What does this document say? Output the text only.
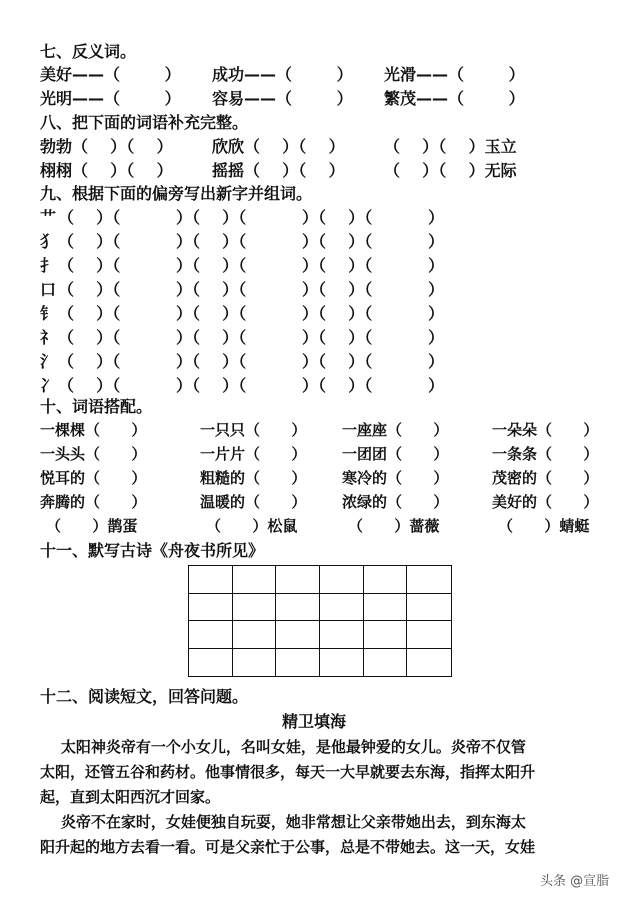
七、反义词。
美好——（        ） 成功——（        ） 光滑——（        ）
光明——（        ） 容易——（        ） 繁茂——（        ）
八、把下面的词语补充完整。
勃勃（    ）（    ） 欣欣（    ）（    ） （    ）（    ）玉立
栩栩（    ）（    ） 摇摇（    ）（    ） （    ）（    ）无际
九、根据下面的偏旁写出新字并组词。
艹 （    ）（          ）（    ）（          ）（    ）（          ）
犭 （    ）（          ）（    ）（          ）（    ）（          ）
扌 （    ）（          ）（    ）（          ）（    ）（          ）
口 （    ）（          ）（    ）（          ）（    ）（          ）
钅 （    ）（          ）（    ）（          ）（    ）（          ）
礻 （    ）（          ）（    ）（          ）（    ）（          ）
氵 （    ）（          ）（    ）（          ）（    ）（          ）
冫 （    ）（          ）（    ）（          ）（    ）（          ）
十、词语搭配。
一棵棵（      ）	一只只（      ） 一座座（      ）	一朵朵（      ）
一头头（      ）	一片片（      ） 一团团（      ）	一条条（      ）
悦耳的（      ）	粗糙的（      ） 寒冷的（      ）	茂密的（      ）
奔腾的（      ）	温暖的（      ） 浓绿的（      ）	美好的（      ）
（      ）鹊蛋	（      ）松鼠	（      ）蔷薇	（      ）蜻蜓
十一、默写古诗《舟夜书所见》
十二、阅读短文，回答问题。
精卫填海
太阳神炎帝有一个小女儿，名叫女娃，是他最钟爱的女儿。炎帝不仅管
太阳，还管五谷和药材。他事情很多，每天一大早就要去东海，指挥太阳升
起，直到太阳西沉才回家。
炎帝不在家时，女娃便独自玩耍，她非常想让父亲带她出去，到东海太
阳升起的地方去看一看。可是父亲忙于公事，总是不带她去。这一天，女娃
头条 @宣脂
